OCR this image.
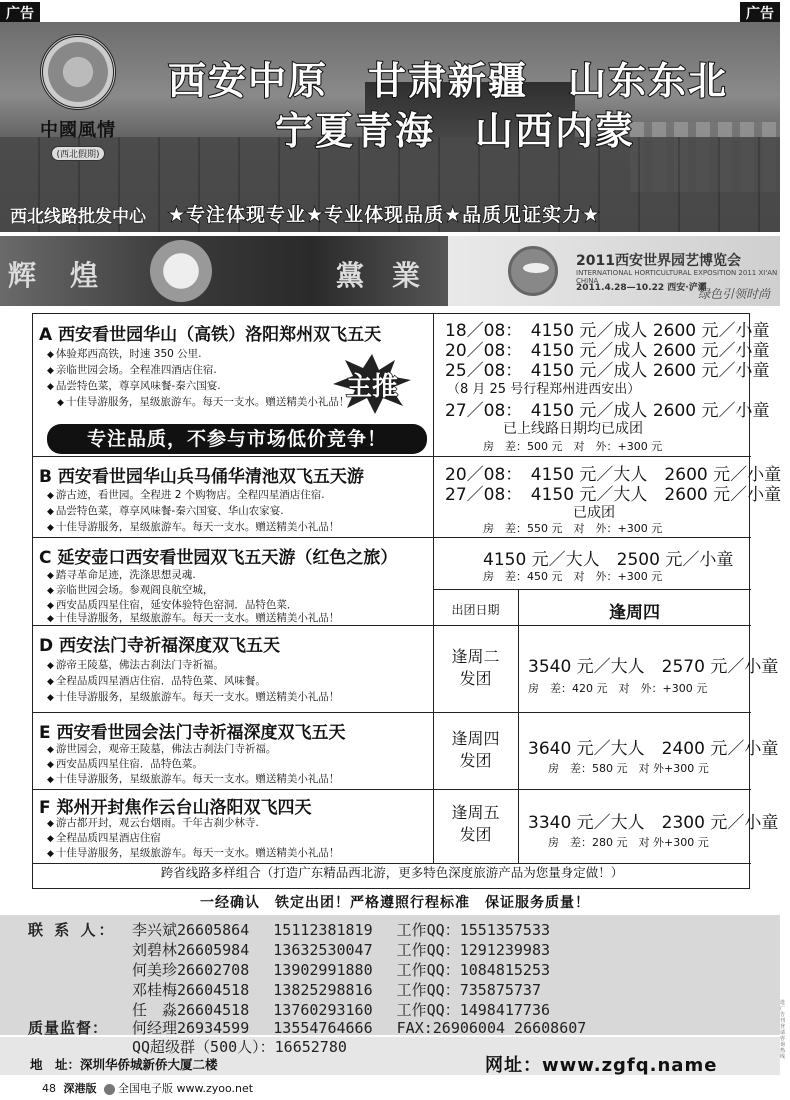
广告	广告
中國風情
(西北假期)
西安中原　甘肃新疆　山东东北
宁夏青海　山西内蒙
西北线路批发中心 ★专注体现专业★专业体现品质★品质见证实力★
辉 煌	黨 業	2011西安世界园艺博览会
INTERNATIONAL HORTICULTURAL EXPOSITION 2011 XI'AN CHINA
2011.4.28—10.22 西安·浐灞
绿色引领时尚
A 西安看世园华山（高铁）洛阳郑州双飞五天
◆ 体验郑西高铁，时速 350 公里.
◆ 亲临世园会场。全程准四酒店住宿.
◆ 品尝特色菜，尊享风味餐-秦六国宴.
◆ 十佳导游服务，星级旅游车。每天一支水。赠送精美小礼品！
主推
专注品质，不参与市场低价竞争！
18／08：　4150 元／成人 2600 元／小童
20／08：　4150 元／成人 2600 元／小童
25／08：　4150 元／成人 2600 元／小童
（8 月 25 号行程郑州进西安出）
27／08：　4150 元／成人 2600 元／小童
已上线路日期均已成团
房　差：500 元　对　外：+300 元
B 西安看世园华山兵马俑华清池双飞五天游
◆ 游古迹，看世园。全程进 2 个购物店。全程四星酒店住宿.
◆ 品尝特色菜，尊享风味餐-秦六国宴、华山农家宴.
◆ 十佳导游服务，星级旅游车。每天一支水。赠送精美小礼品！
20／08：　4150 元／大人　2600 元／小童
27／08：　4150 元／大人　2600 元／小童
已成团
房　差：550 元　对　外：+300 元
C 延安壶口西安看世园双飞五天游（红色之旅）
◆ 踏寻革命足迹，洗涤思想灵魂.
◆ 亲临世园会场。参观阎良航空城，
◆ 西安品质四星住宿，延安体验特色窑洞．品特色菜．
◆ 十佳导游服务，星级旅游车。每天一支水。赠送精美小礼品！
4150 元／大人　2500 元／小童
房　差：450 元　对　外：+300 元
出团日期	逢周四
D 西安法门寺祈福深度双飞五天
◆ 游帝王陵墓，佛法古刹法门寺祈福。
◆ 全程品质四星酒店住宿．品特色菜、风味餐。
◆ 十佳导游服务，星级旅游车。每天一支水。赠送精美小礼品！
逢周二
发团
3540 元／大人　2570 元／小童
房　差：420 元　对　外：+300 元
E 西安看世园会法门寺祈福深度双飞五天
◆ 游世园会，观帝王陵墓，佛法古刹法门寺祈福。
◆ 西安品质四星住宿．品特色菜。
◆ 十佳导游服务，星级旅游车。每天一支水。赠送精美小礼品！
逢周四
发团
3640 元／大人　2400 元／小童
房　差：580 元　对 外+300 元
F 郑州开封焦作云台山洛阳双飞四天
◆ 游古都开封，观云台烟雨。千年古刹少林寺.
◆ 全程品质四星酒店住宿
◆ 十佳导游服务，星级旅游车。每天一支水。赠送精美小礼品！
逢周五
发团
3340 元／大人　2300 元／小童
房　差：280 元　对 外+300 元
跨省线路多样组合（打造广东精品西北游，更多特色深度旅游产品为您量身定做！）
一经确认　铁定出团！严格遵照行程标准　保证服务质量！
联 系 人： 李兴斌26605864　 15112381819　 工作QQ：1551357533
刘碧林26605984　 13632530047　 工作QQ：1291239983
何美珍26602708　 13902991880　 工作QQ：1084815253
邓桂梅26604518　 13825298816　 工作QQ：735875737
任　淼26604518　 13760293160　 工作QQ：1498417736
质量监督： 何经理26934599　 13554764666　 FAX:26906004 26608607
QQ超级群（500人）：16652780
地　址：深圳华侨城新侨大厦二楼	网址：www.zgfq.name
选广告刊登请咨询热线
48 深港版 全国电子版 www.zyoo.net
